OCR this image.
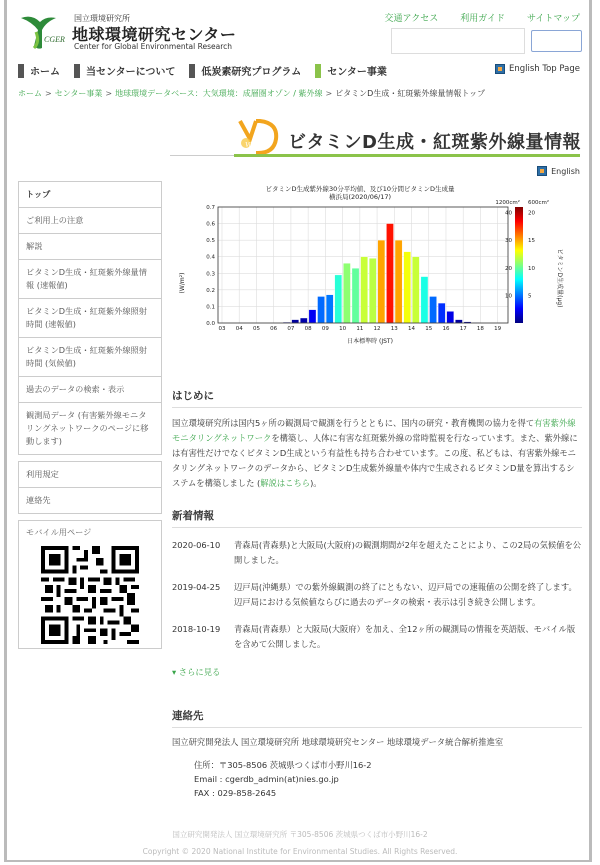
CGER
国立環境研究所
地球環境研究センター
Center for Global Environmental Research
交通アクセス 利用ガイド サイトマップ
ホーム	当センターについて	低炭素研究プログラム	センター事業	English Top Page
ホーム > センター事業 > 地球環境データベース：大気環境：成層圏オゾン / 紫外線 > ビタミンD生成・紅斑紫外線量情報トップ
Vitamin ビタミンD生成・紅斑紫外線量情報
English
トップ
ご利用上の注意
解説
ビタミンD生成・紅斑紫外線量情報 (速報値)
ビタミンD生成・紅斑紫外線照射時間 (速報値)
ビタミンD生成・紅斑紫外線照射時間 (気候値)
過去のデータの検索・表示
観測局データ (有害紫外線モニタリングネットワークのページに移動します)
利用規定
連絡先
モバイル用ページ
ビタミンD生成紫外線30分平均値、及び10分間ビタミンD生成量
横浜局(2020/06/17)
1200cm² 600cm²
(W/m²)
日本標準時 (JST)
ビタミンD生成量(μg)
0.0
0.1
0.2
0.3
0.4
0.5
0.6
0.7
03 04 05 06 07 08 09 10 11 12 13 14 15 16 17 18 19
10	5
20	10
30	15
40	20
はじめに
国立環境研究所は国内5ヶ所の観測局で観測を行うとともに、国内の研究・教育機関の協力を得て有害紫外線モニタリングネットワークを構築し、人体に有害な紅斑紫外線の常時監視を行なっています。また、紫外線には有害性だけでなくビタミンD生成という有益性も持ち合わせています。この度、私どもは、有害紫外線モニタリングネットワークのデータから、ビタミンD生成紫外線量や体内で生成されるビタミンD量を算出するシステムを構築しました (解説はこちら)。
新着情報
2020-06-10	青森局(青森県)と大阪局(大阪府)の観測期間が2年を超えたことにより、この2局の気候値を公開しました。
2019-04-25	辺戸局(沖縄県）での紫外線観測の終了にともない、辺戸局での速報値の公開を終了します。辺戸局における気候値ならびに過去のデータの検索・表示は引き続き公開します。
2018-10-19	青森局(青森県）と大阪局(大阪府）を加え、全12ヶ所の観測局の情報を英語版、モバイル版を含めて公開しました。
▾ さらに見る
連絡先
国立研究開発法人 国立環境研究所 地球環境研究センター 地球環境データ統合解析推進室
住所：〒305-8506 茨城県つくば市小野川16-2
Email : cgerdb_admin(at)nies.go.jp
FAX : 029-858-2645
国立研究開発法人 国立環境研究所 〒305-8506 茨城県つくば市小野川16-2
Copyright © 2020 National Institute for Environmental Studies. All Rights Reserved.
